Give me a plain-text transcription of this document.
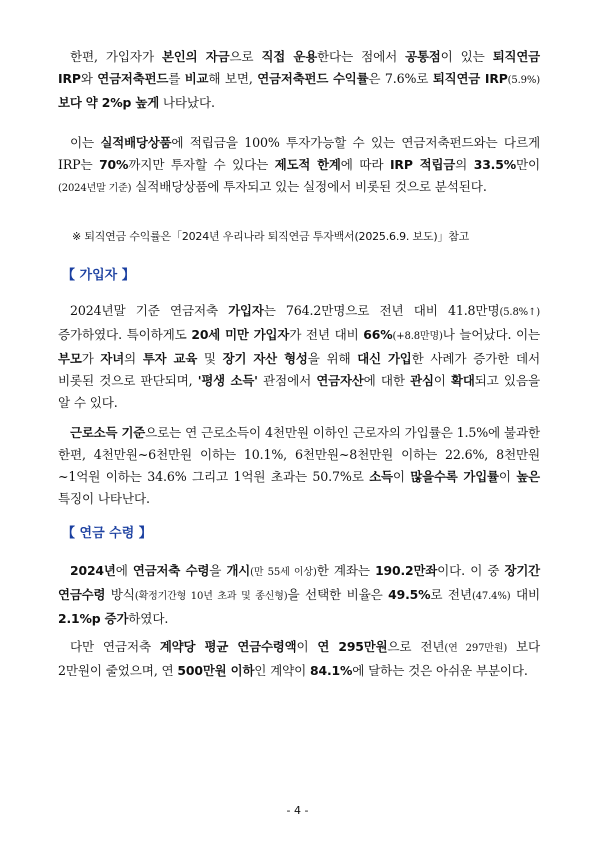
한편, 가입자가 본인의 자금으로 직접 운용한다는 점에서 공통점이 있는 퇴직연금 IRP와 연금저축펀드를 비교해 보면, 연금저축펀드 수익률은 7.6%로 퇴직연금 IRP(5.9%)보다 약 2%p 높게 나타났다.

이는 실적배당상품에 적립금을 100% 투자가능할 수 있는 연금저축펀드와는 다르게 IRP는 70%까지만 투자할 수 있다는 제도적 한계에 따라 IRP 적립금의 33.5%만이(2024년말 기준) 실적배당상품에 투자되고 있는 실정에서 비롯된 것으로 분석된다.

※ 퇴직연금 수익률은「2024년 우리나라 퇴직연금 투자백서(2025.6.9. 보도)」참고
【 가입자 】

2024년말 기준 연금저축 가입자는 764.2만명으로 전년 대비 41.8만명(5.8%↑) 증가하였다. 특이하게도 20세 미만 가입자가 전년 대비 66%(+8.8만명)나 늘어났다. 이는 부모가 자녀의 투자 교육 및 장기 자산 형성을 위해 대신 가입한 사례가 증가한 데서 비롯된 것으로 판단되며, '평생 소득' 관점에서 연금자산에 대한 관심이 확대되고 있음을 알 수 있다.

근로소득 기준으로는 연 근로소득이 4천만원 이하인 근로자의 가입률은 1.5%에 불과한 한편, 4천만원~6천만원 이하는 10.1%, 6천만원~8천만원 이하는 22.6%, 8천만원~1억원 이하는 34.6% 그리고 1억원 초과는 50.7%로 소득이 많을수록 가입률이 높은 특징이 나타난다.

【 연금 수령 】

2024년에 연금저축 수령을 개시(만 55세 이상)한 계좌는 190.2만좌이다. 이 중 장기간 연금수령 방식(확정기간형 10년 초과 및 종신형)을 선택한 비율은 49.5%로 전년(47.4%) 대비 2.1%p 증가하였다.

다만 연금저축 계약당 평균 연금수령액이 연 295만원으로 전년(연 297만원) 보다 2만원이 줄었으며, 연 500만원 이하인 계약이 84.1%에 달하는 것은 아쉬운 부분이다.

- 4 -
